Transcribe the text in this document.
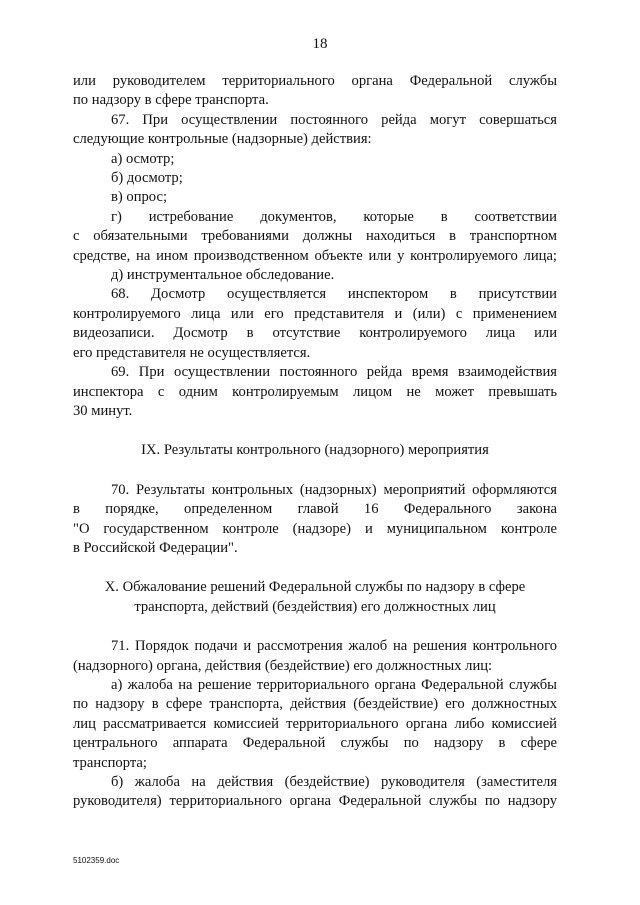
18

или руководителем территориального органа Федеральной службы

по надзору в сфере транспорта.

67. При осуществлении постоянного рейда могут совершаться

следующие контрольные (надзорные) действия:

а) осмотр;

б) досмотр;

в) опрос;

г) истребование документов, которые в соответствии

с обязательными требованиями должны находиться в транспортном

средстве, на ином производственном объекте или у контролируемого лица;

д) инструментальное обследование.

68. Досмотр осуществляется инспектором в присутствии

контролируемого лица или его представителя и (или) с применением

видеозаписи. Досмотр в отсутствие контролируемого лица или

его представителя не осуществляется.

69. При осуществлении постоянного рейда время взаимодействия

инспектора с одним контролируемым лицом не может превышать

30 минут.

IX. Результаты контрольного (надзорного) мероприятия

70. Результаты контрольных (надзорных) мероприятий оформляются

в порядке, определенном главой 16 Федерального закона

"О государственном контроле (надзоре) и муниципальном контроле

в Российской Федерации".

X. Обжалование решений Федеральной службы по надзору в сфере

транспорта, действий (бездействия) его должностных лиц

71. Порядок подачи и рассмотрения жалоб на решения контрольного

(надзорного) органа, действия (бездействие) его должностных лиц:

а) жалоба на решение территориального органа Федеральной службы

по надзору в сфере транспорта, действия (бездействие) его должностных

лиц рассматривается комиссией территориального органа либо комиссией

центрального аппарата Федеральной службы по надзору в сфере

транспорта;

б) жалоба на действия (бездействие) руководителя (заместителя

руководителя) территориального органа Федеральной службы по надзору

5102359.doc
